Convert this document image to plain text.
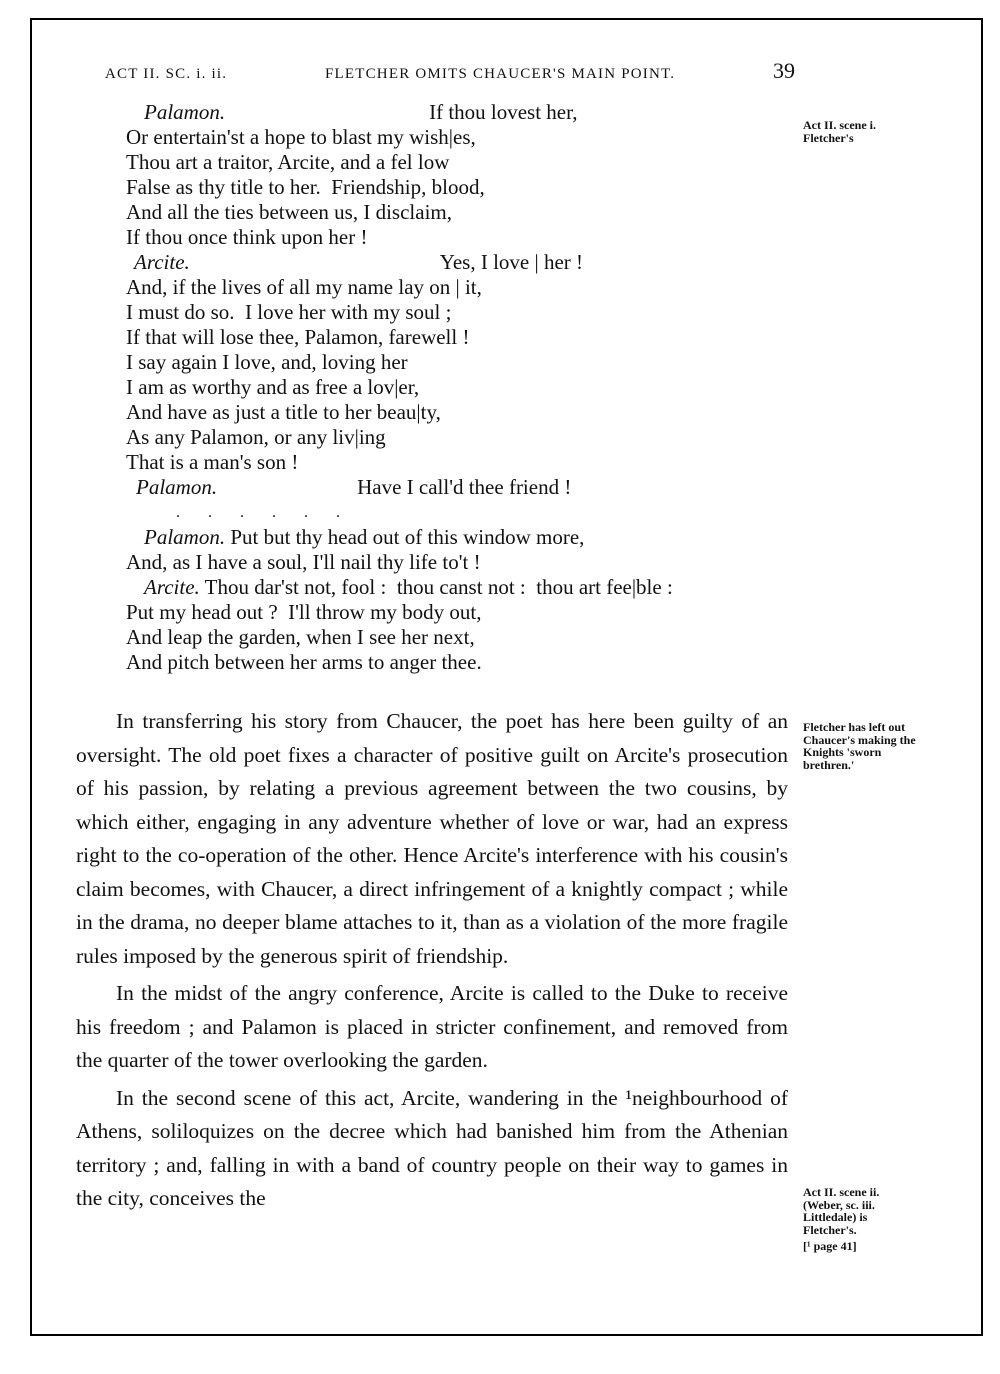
ACT II. SC. i. ii.	FLETCHER OMITS CHAUCER'S MAIN POINT.	39
Palamon.	If thou lovest her,
Or entertain'st a hope to blast my wish|es,
Thou art a traitor, Arcite, and a fel low
False as thy title to her.  Friendship, blood,
And all the ties between us, I disclaim,
If thou once think upon her !
Arcite.	Yes, I love | her !
And, if the lives of all my name lay on | it,
I must do so.  I love her with my soul ;
If that will lose thee, Palamon, farewell !
I say again I love, and, loving her
I am as worthy and as free a lov|er,
And have as just a title to her beau|ty,
As any Palamon, or any liv|ing
That is a man's son !
Palamon.	Have I call'd thee friend !
.       .       .       .       .       .
Palamon. Put but thy head out of this window more,
And, as I have a soul, I'll nail thy life to't !
Arcite. Thou dar'st not, fool :  thou canst not :  thou art fee|ble :
Put my head out ?  I'll throw my body out,
And leap the garden, when I see her next,
And pitch between her arms to anger thee.

In transferring his story from Chaucer, the poet has here been guilty of an oversight. The old poet fixes a character of positive guilt on Arcite's prosecution of his passion, by relating a previous agreement between the two cousins, by which either, engaging in any adventure whether of love or war, had an express right to the co-operation of the other. Hence Arcite's interference with his cousin's claim becomes, with Chaucer, a direct infringement of a knightly compact ; while in the drama, no deeper blame attaches to it, than as a violation of the more fragile rules imposed by the generous spirit of friendship.

In the midst of the angry conference, Arcite is called to the Duke to receive his freedom ; and Palamon is placed in stricter confinement, and removed from the quarter of the tower overlooking the garden.

In the second scene of this act, Arcite, wandering in the ¹neighbourhood of Athens, soliloquizes on the decree which had banished him from the Athenian territory ; and, falling in with a band of country people on their way to games in the city, conceives the

Act II. scene i. Fletcher's
Fletcher has left out Chaucer's making the Knights 'sworn brethren.'
Act II. scene ii. (Weber, sc. iii. Littledale) is Fletcher's.
[¹ page 41]
